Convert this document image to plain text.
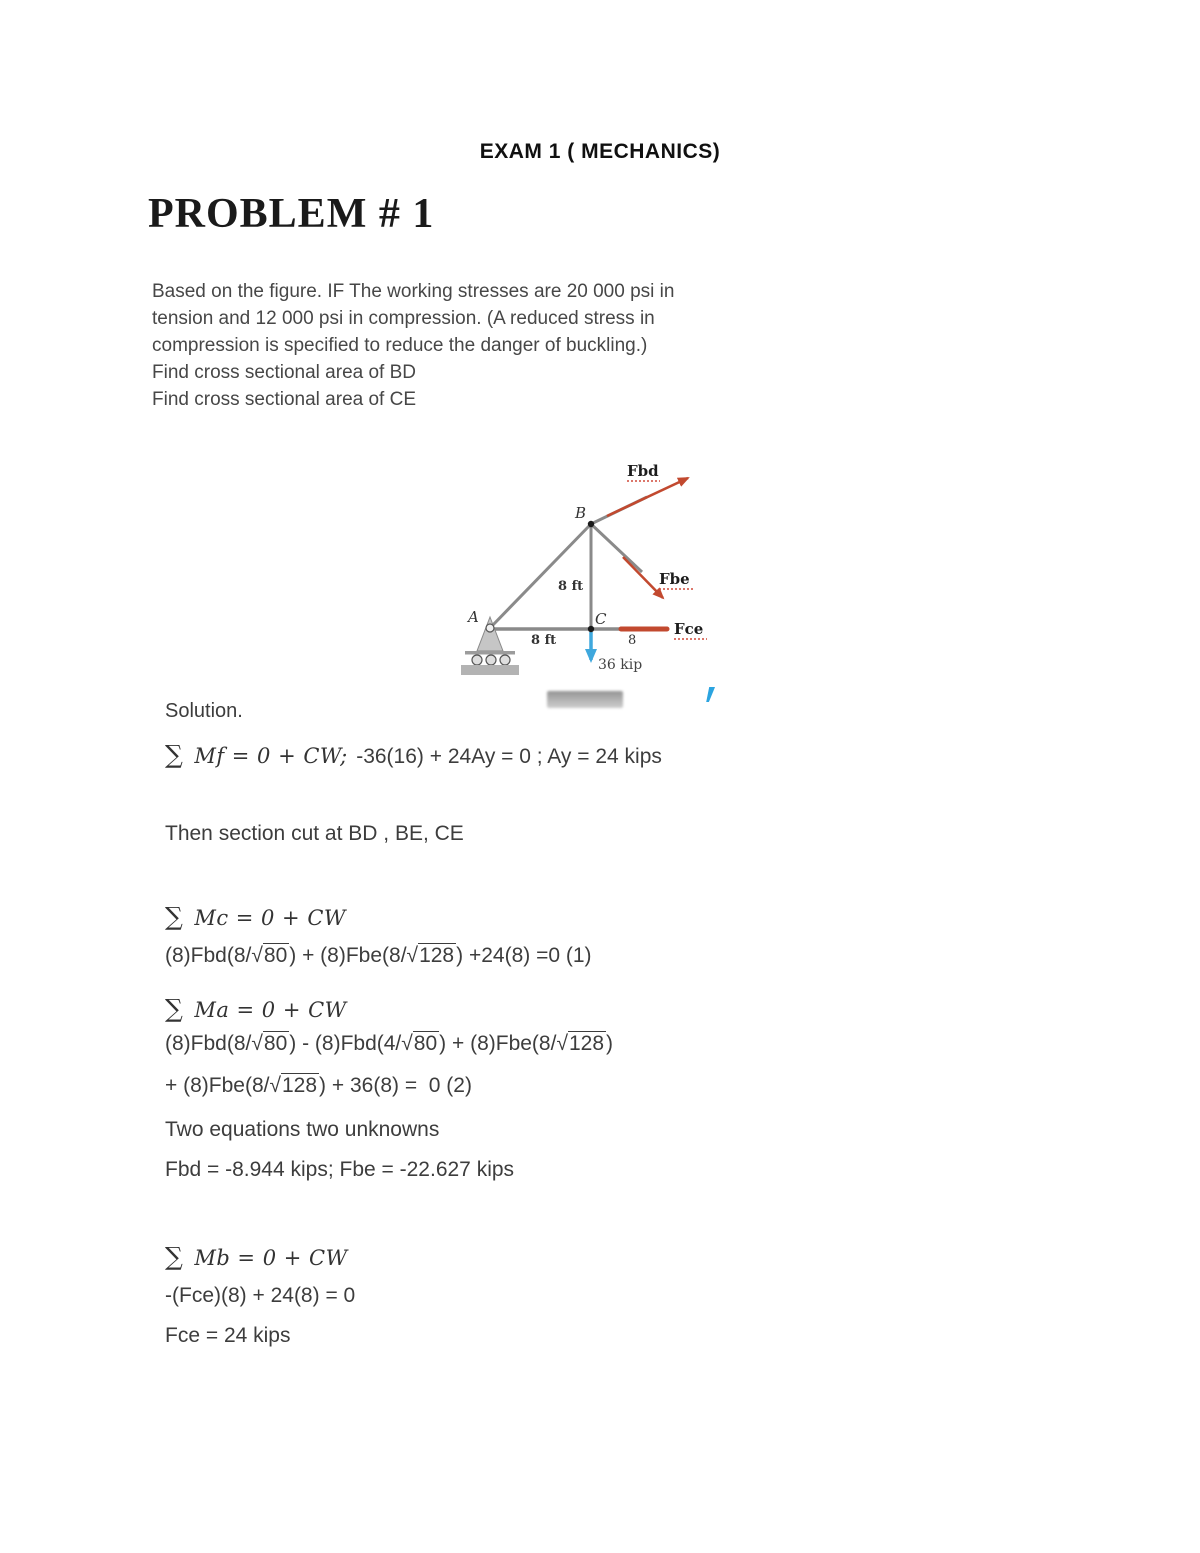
EXAM 1 ( MECHANICS)
PROBLEM # 1
Based on the figure. IF The working stresses are 20 000 psi in
tension and 12 000 psi in compression. (A reduced stress in
compression is specified to reduce the danger of buckling.)
Find cross sectional area of BD
Find cross sectional area of CE
A
B
C
8 ft
8 ft	8
36 kip
Fbd
Fbe
Fce
Solution.
∑ Mf = 0 + CW; -36(16) + 24Ay = 0 ; Ay = 24 kips
Then section cut at BD , BE, CE
∑ Mc = 0 + CW
(8)Fbd(8/√80) + (8)Fbe(8/√128) +24(8) =0 (1)
∑ Ma = 0 + CW
(8)Fbd(8/√80) - (8)Fbd(4/√80) + (8)Fbe(8/√128)
+ (8)Fbe(8/√128) + 36(8) =  0 (2)
Two equations two unknowns
Fbd = -8.944 kips; Fbe = -22.627 kips
∑ Mb = 0 + CW
-(Fce)(8) + 24(8) = 0
Fce = 24 kips
